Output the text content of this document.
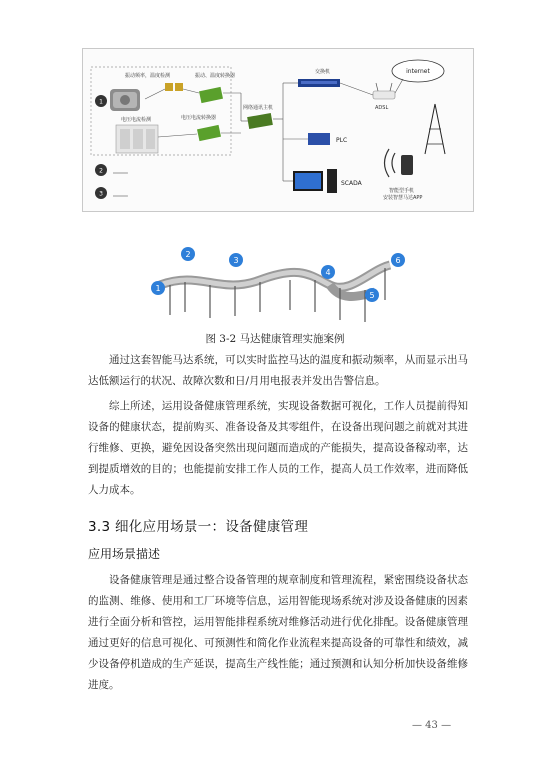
1
2
3
振动频率，温度检测	振动、温度转换器
电压电流检测	电压电流转换器
网络通讯主机
交换机
PLC
SCADA
ADSL
internet
智能型手机
安装智慧马达APP
1
2
3
4
5
6
图 3-2 马达健康管理实施案例
通过这套智能马达系统，可以实时监控马达的温度和振动频率，从而显示出马达低额运行的状况、故障次数和日/月用电报表并发出告警信息。
综上所述，运用设备健康管理系统，实现设备数据可视化，工作人员提前得知设备的健康状态，提前购买、准备设备及其零组件，在设备出现问题之前就对其进行维修、更换，避免因设备突然出现问题而造成的产能损失，提高设备稼动率，达到提质增效的目的；也能提前安排工作人员的工作，提高人员工作效率，进而降低人力成本。
3.3 细化应用场景一：设备健康管理
应用场景描述
设备健康管理是通过整合设备管理的规章制度和管理流程，紧密围绕设备状态的监测、维修、使用和工厂环境等信息，运用智能现场系统对涉及设备健康的因素进行全面分析和管控，运用智能排程系统对维修活动进行优化排配。设备健康管理通过更好的信息可视化、可预测性和简化作业流程来提高设备的可靠性和绩效，减少设备停机造成的生产延误，提高生产线性能；通过预测和认知分析加快设备维修进度。
— 43 —
